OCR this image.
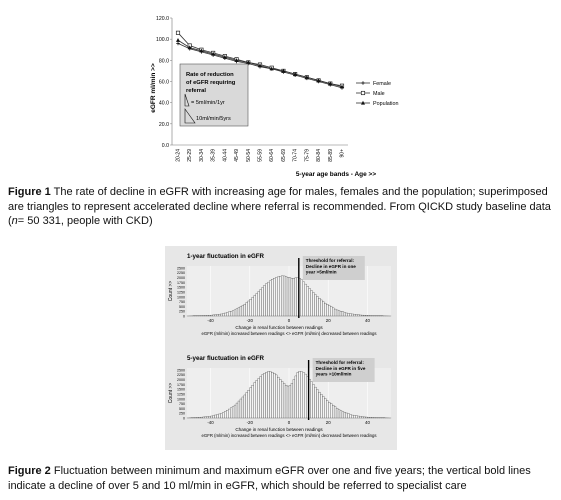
eGFR ml/min >>
0.0
20.0
40.0
60.0
80.0
100.0
120.0
20-24 25-29 30-34 35-39 40-44 45-49 50-54 55-59 60-64 65-69 70-74 75-79 80-84 85-89 90+
Rate of reduction of eGFR requiring referral
= 5ml/min/1yr
10ml/min/5yrs
Female
Male
Population
5-year age bands - Age >>

Figure 1 The rate of decline in eGFR with increasing age for males, females and the population; superimposed are triangles to represent accelerated decline where referral is recommended. From QICKD study baseline data (n= 50 331, people with CKD)

1-year fluctuation in eGFR
0
250
500
750
1000
1250
1500
1750
2000
2250
2500
Count >>
-40	-20	0	20	40
Change in renal function between readings
eGFR (ml/min) increased between readings <> eGFR (ml/min) decreased between readings
Threshold for referral:
Decline in eGFR in one
year >5ml/min
5-year fluctuation in eGFR
0
250
500
750
1000
1250
1500
1750
2000
2250
2500
Count >>
-40	-20	0	20	40
Change in renal function between readings
eGFR (ml/min) increased between readings <> eGFR (ml/min) decreased between readings
Threshold for referral:
Decline in eGFR in five
years >10ml/min

Figure 2 Fluctuation between minimum and maximum eGFR over one and five years; the vertical bold lines indicate a decline of over 5 and 10 ml/min in eGFR, which should be referred to specialist care
